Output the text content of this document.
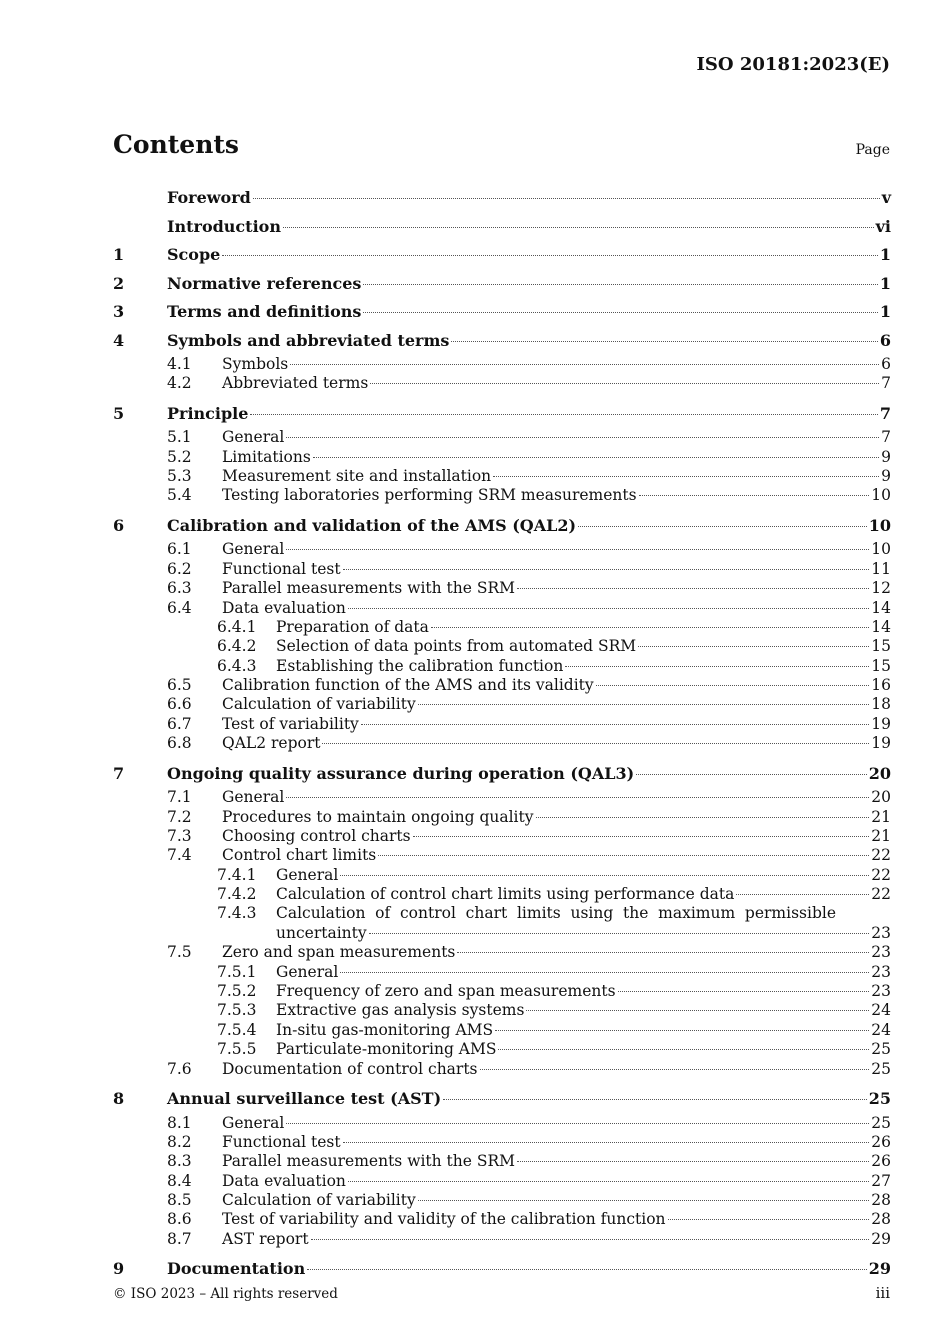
ISO 20181:2023(E)
Contents	Page
Foreword	v
Introduction	vi
1	Scope	1
2	Normative references	1
3	Terms and definitions	1
4	Symbols and abbreviated terms	6
4.1	Symbols	6
4.2	Abbreviated terms	7
5	Principle	7
5.1	General	7
5.2	Limitations	9
5.3	Measurement site and installation	9
5.4	Testing laboratories performing SRM measurements	10
6	Calibration and validation of the AMS (QAL2)	10
6.1	General	10
6.2	Functional test	11
6.3	Parallel measurements with the SRM	12
6.4	Data evaluation	14
6.4.1	Preparation of data	14
6.4.2	Selection of data points from automated SRM	15
6.4.3	Establishing the calibration function	15
6.5	Calibration function of the AMS and its validity	16
6.6	Calculation of variability	18
6.7	Test of variability	19
6.8	QAL2 report	19
7	Ongoing quality assurance during operation (QAL3)	20
7.1	General	20
7.2	Procedures to maintain ongoing quality	21
7.3	Choosing control charts	21
7.4	Control chart limits	22
7.4.1	General	22
7.4.2	Calculation of control chart limits using performance data	22
7.4.3	Calculation of control chart limits using the maximum permissible
uncertainty	23
7.5	Zero and span measurements	23
7.5.1	General	23
7.5.2	Frequency of zero and span measurements	23
7.5.3	Extractive gas analysis systems	24
7.5.4	In-situ gas-monitoring AMS	24
7.5.5	Particulate-monitoring AMS	25
7.6	Documentation of control charts	25
8	Annual surveillance test (AST)	25
8.1	General	25
8.2	Functional test	26
8.3	Parallel measurements with the SRM	26
8.4	Data evaluation	27
8.5	Calculation of variability	28
8.6	Test of variability and validity of the calibration function	28
8.7	AST report	29
9	Documentation	29
© ISO 2023 – All rights reserved	iii
